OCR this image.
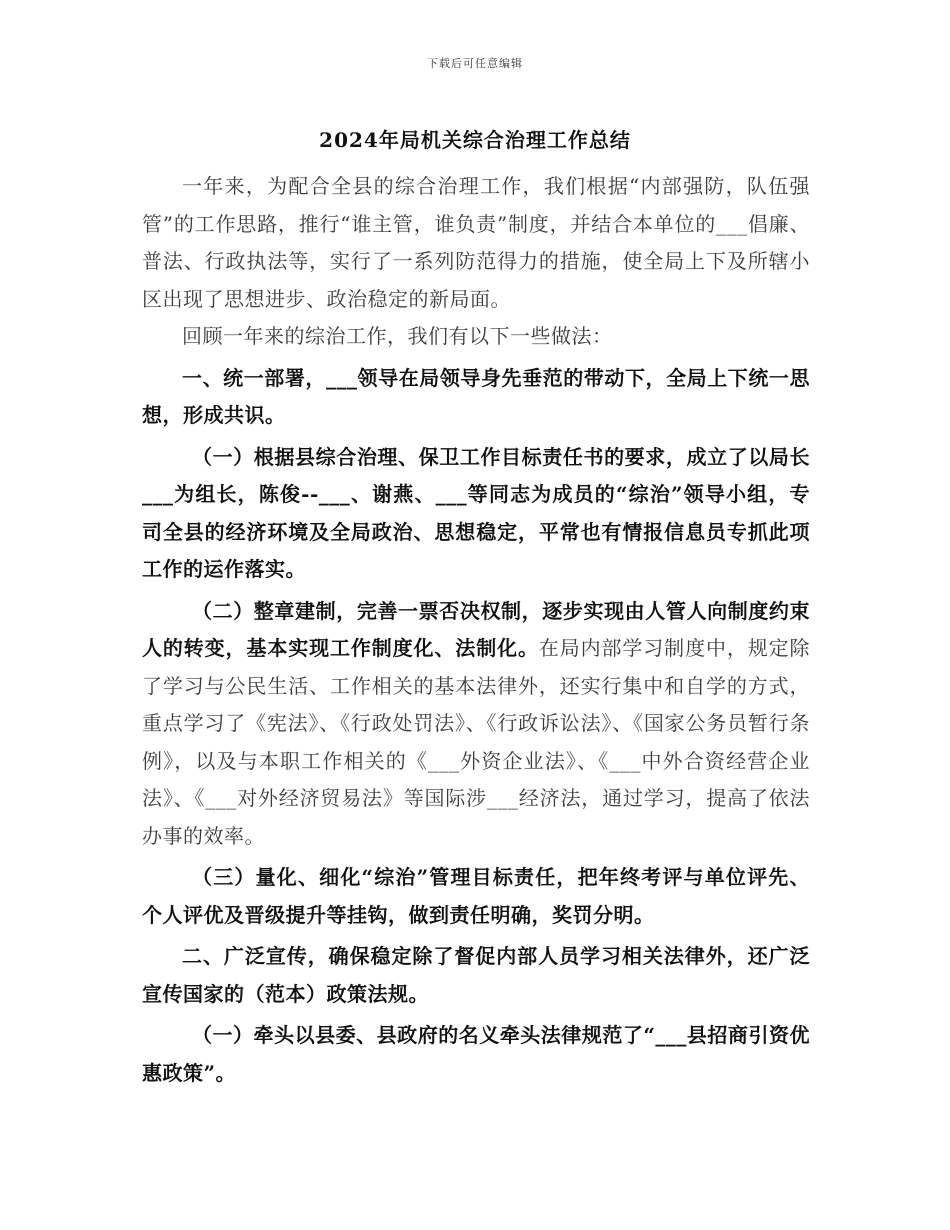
下载后可任意编辑
2024年局机关综合治理工作总结

一年来，为配合全县的综合治理工作，我们根据“内部强防，队伍强管”的工作思路，推行“谁主管，谁负责”制度，并结合本单位的___倡廉、普法、行政执法等，实行了一系列防范得力的措施，使全局上下及所辖小区出现了思想进步、政治稳定的新局面。

回顾一年来的综治工作，我们有以下一些做法：

一、统一部署，___领导在局领导身先垂范的带动下，全局上下统一思想，形成共识。

（一）根据县综合治理、保卫工作目标责任书的要求，成立了以局长___为组长，陈俊--___、谢燕、___等同志为成员的“综治”领导小组，专司全县的经济环境及全局政治、思想稳定，平常也有情报信息员专抓此项工作的运作落实。

（二）整章建制，完善一票否决权制，逐步实现由人管人向制度约束人的转变，基本实现工作制度化、法制化。在局内部学习制度中，规定除了学习与公民生活、工作相关的基本法律外，还实行集中和自学的方式，重点学习了《宪法》、《行政处罚法》、《行政诉讼法》、《国家公务员暂行条例》，以及与本职工作相关的《___外资企业法》、《___中外合资经营企业法》、《___对外经济贸易法》等国际涉___经济法，通过学习，提高了依法办事的效率。

（三）量化、细化“综治”管理目标责任，把年终考评与单位评先、个人评优及晋级提升等挂钩，做到责任明确，奖罚分明。

二、广泛宣传，确保稳定除了督促内部人员学习相关法律外，还广泛宣传国家的（范本）政策法规。

（一）牵头以县委、县政府的名义牵头法律规范了“___县招商引资优惠政策”。
